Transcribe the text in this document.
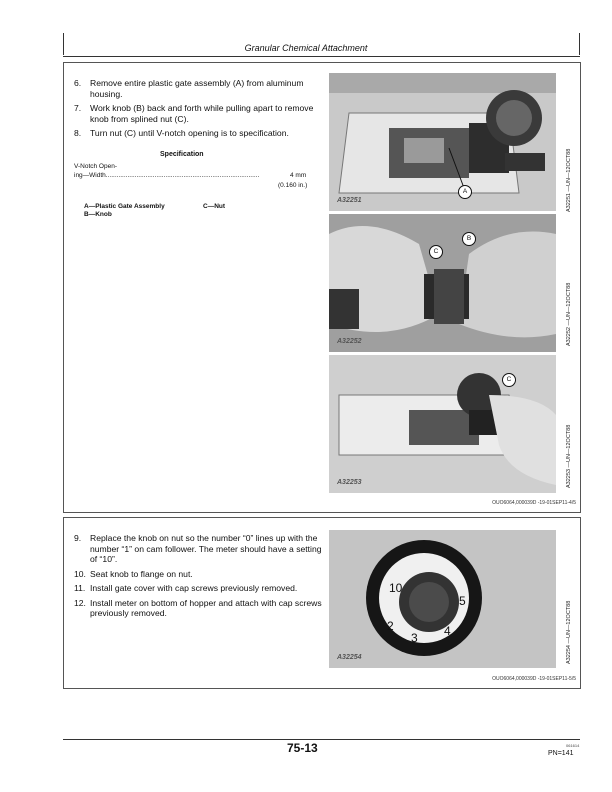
Granular Chemical Attachment
6. Remove entire plastic gate assembly (A) from aluminum housing.
7. Work knob (B) back and forth while pulling apart to remove knob from splined nut (C).
8. Turn nut (C) until V-notch opening is to specification.
Specification
V-Notch Open-
ing—Width.....................................................................................	4 mm
(0.160 in.)
A—Plastic Gate Assembly	C—Nut
B—Knob
A32251
A	A32251 —UN—12OCT88
A32252
C
B
A32252 —UN—12OCT88
A32253
C
A32253 —UN—12OCT88
OUO6064,000039D -19-01SEP11-4/5
9. Replace the knob on nut so the number “0” lines up with the number “1” on cam follower. The meter should have a setting of “10”.
10. Seat knob to flange on nut.
11. Install gate cover with cap screws previously removed.
12. Install meter on bottom of hopper and attach with cap screws previously removed.
10
2
3 4
5
A32254	A32254 —UN—12OCT88
OUO6064,000039D -19-01SEP11-5/5
75-13	061614
PN=141
